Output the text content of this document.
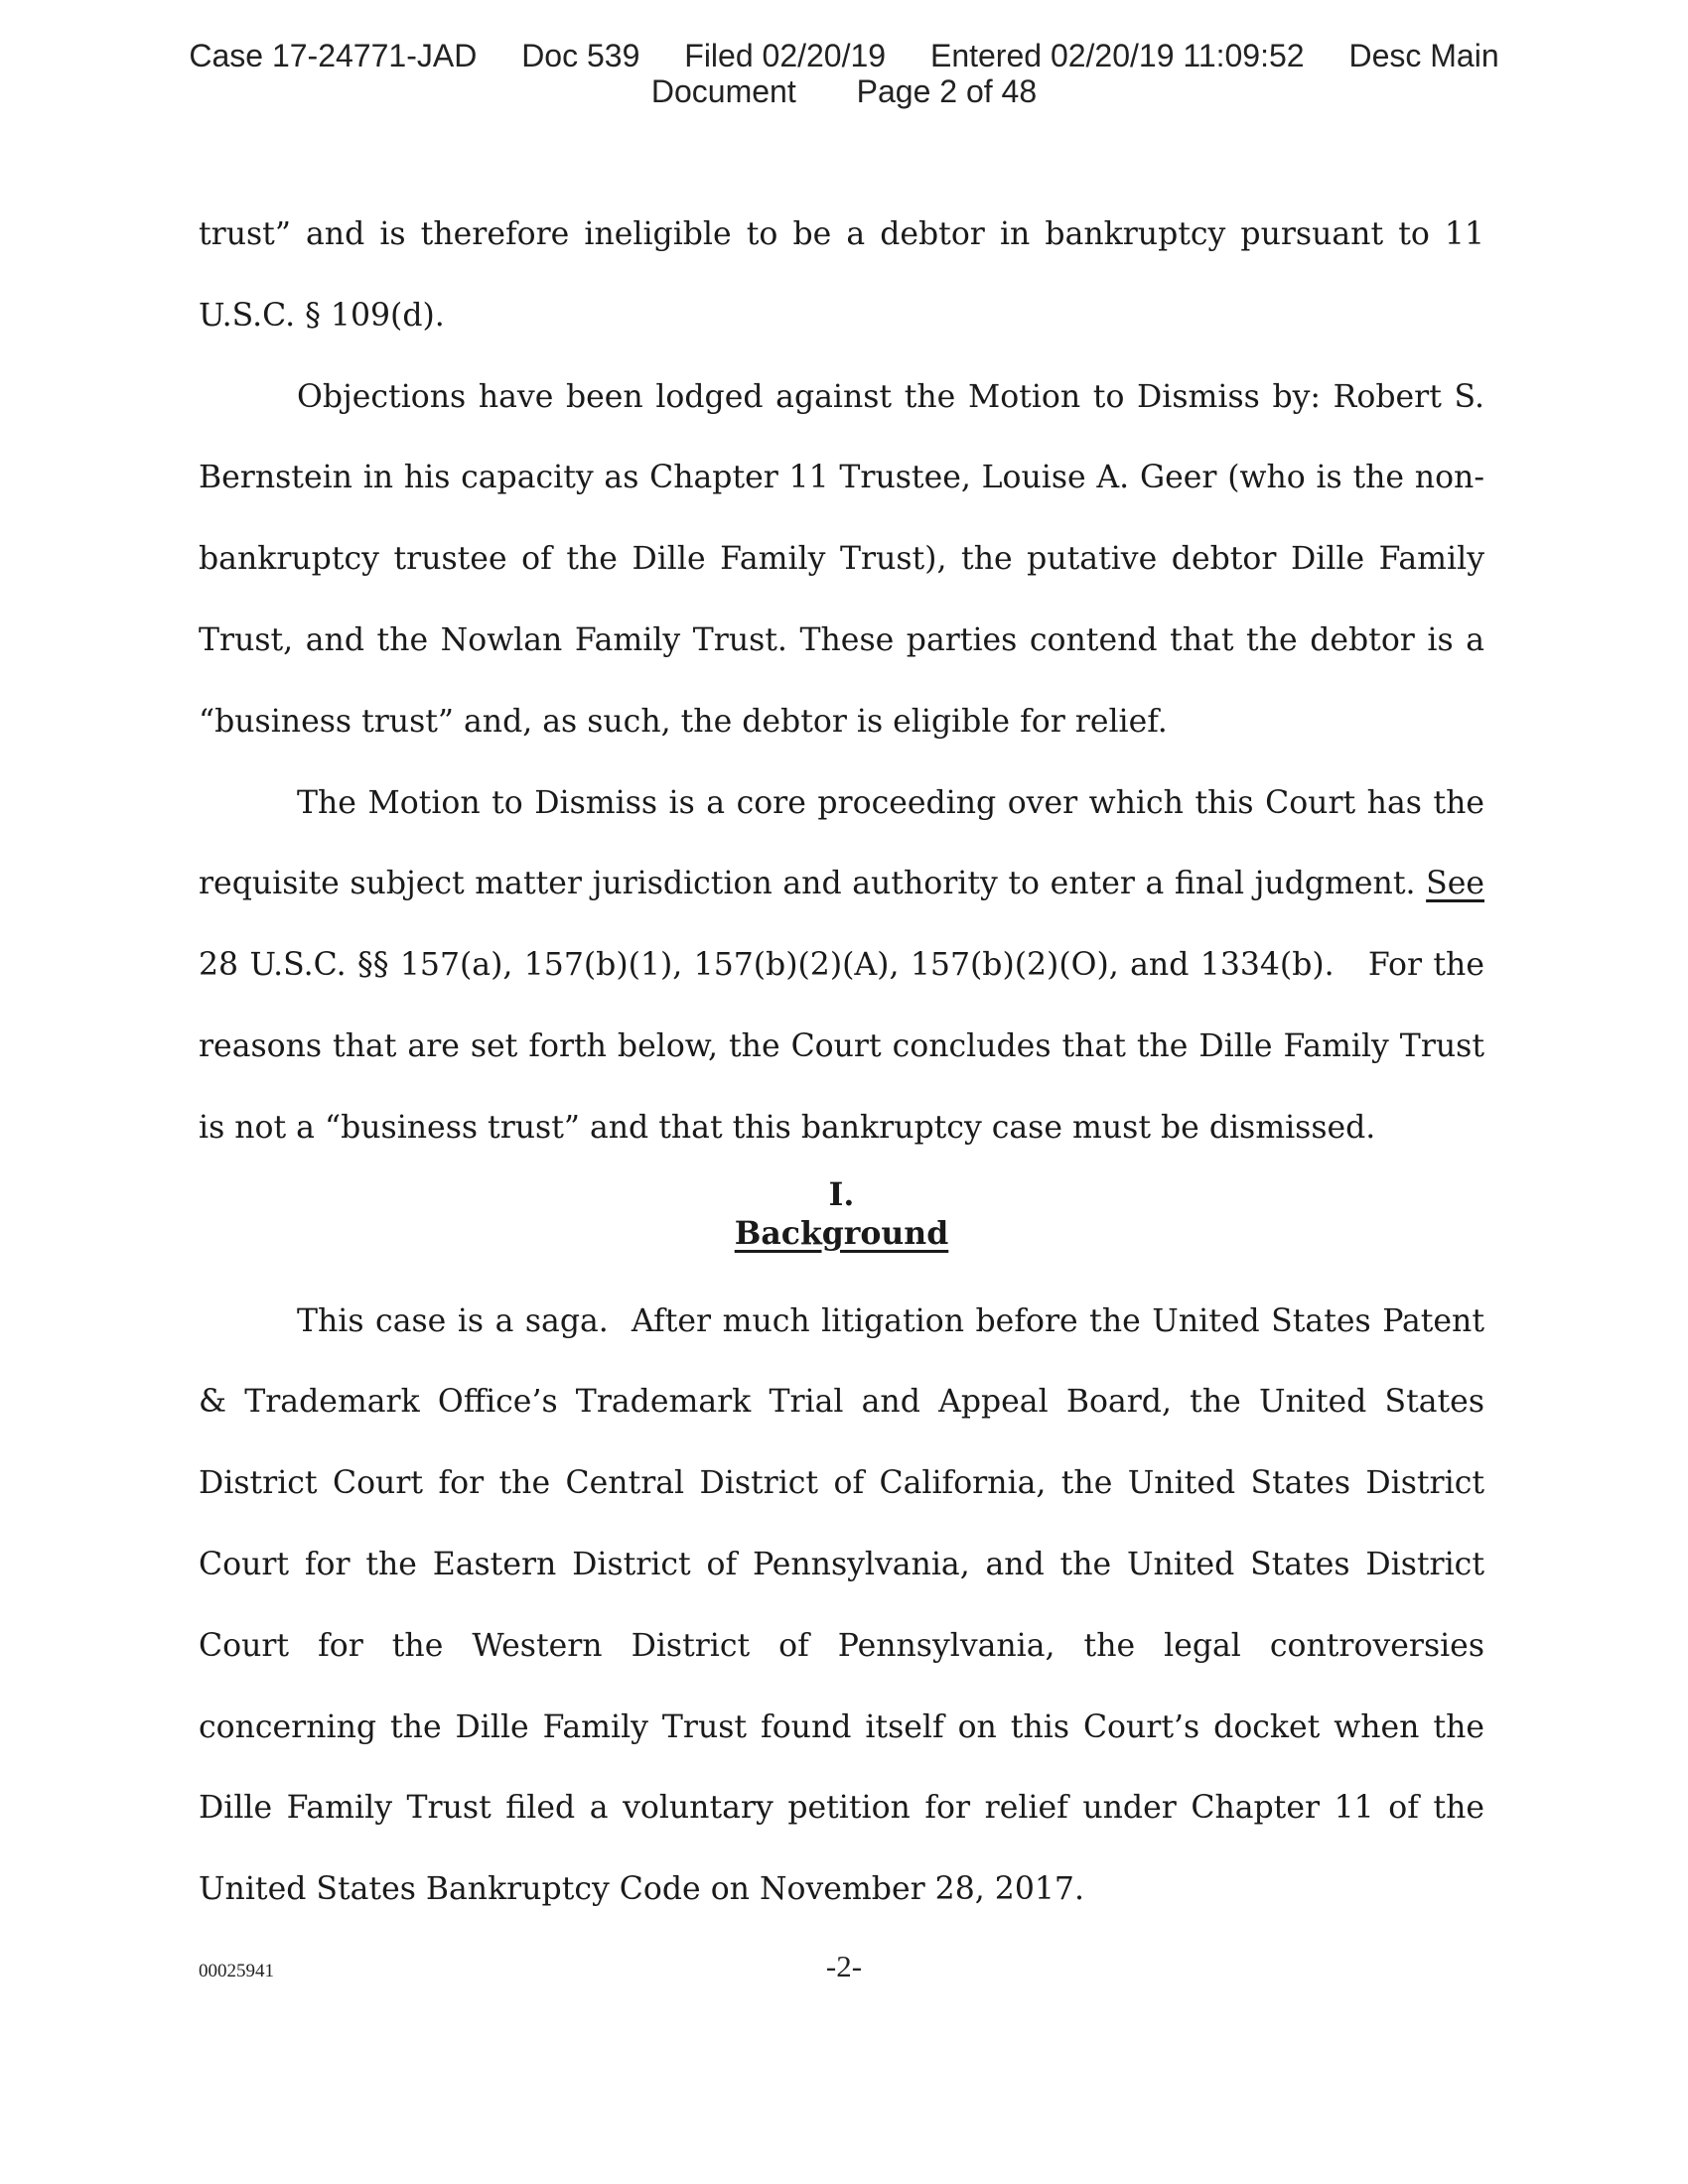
Case 17-24771-JAD Doc 539 Filed 02/20/19 Entered 02/20/19 11:09:52 Desc Main
Document Page 2 of 48

trust” and is therefore ineligible to be a debtor in bankruptcy pursuant to 11 U.S.C. § 109(d).

Objections have been lodged against the Motion to Dismiss by: Robert S. Bernstein in his capacity as Chapter 11 Trustee, Louise A. Geer (who is the non-bankruptcy trustee of the Dille Family Trust), the putative debtor Dille Family Trust, and the Nowlan Family Trust. These parties contend that the debtor is a “business trust” and, as such, the debtor is eligible for relief.

The Motion to Dismiss is a core proceeding over which this Court has the requisite subject matter jurisdiction and authority to enter a final judgment. See 28 U.S.C. §§ 157(a), 157(b)(1), 157(b)(2)(A), 157(b)(2)(O), and 1334(b).   For the reasons that are set forth below, the Court concludes that the Dille Family Trust is not a “business trust” and that this bankruptcy case must be dismissed.

I.
Background

This case is a saga.  After much litigation before the United States Patent & Trademark Office’s Trademark Trial and Appeal Board, the United States District Court for the Central District of California, the United States District Court for the Eastern District of Pennsylvania, and the United States District Court for the Western District of Pennsylvania, the legal controversies concerning the Dille Family Trust found itself on this Court’s docket when the Dille Family Trust filed a voluntary petition for relief under Chapter 11 of the United States Bankruptcy Code on November 28, 2017.

00025941	-2-
